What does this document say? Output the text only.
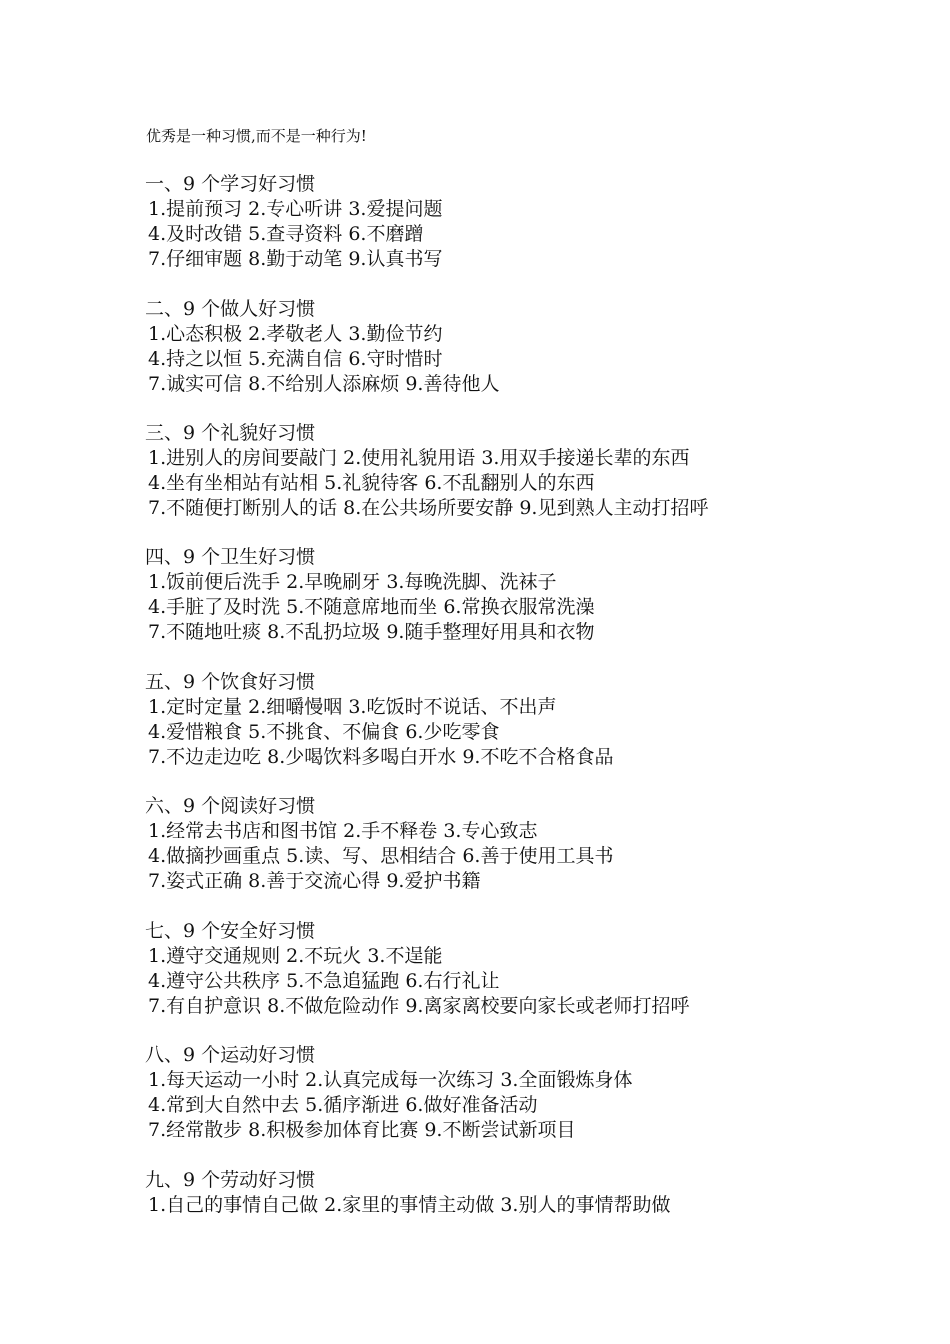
优秀是一种习惯,而不是一种行为!
一、9 个学习好习惯
1.提前预习 2.专心听讲 3.爱提问题
4.及时改错 5.查寻资料 6.不磨蹭
7.仔细审题 8.勤于动笔 9.认真书写
二、9 个做人好习惯
1.心态积极 2.孝敬老人 3.勤俭节约
4.持之以恒 5.充满自信 6.守时惜时
7.诚实可信 8.不给别人添麻烦 9.善待他人
三、9 个礼貌好习惯
1.进别人的房间要敲门 2.使用礼貌用语 3.用双手接递长辈的东西
4.坐有坐相站有站相 5.礼貌待客 6.不乱翻别人的东西
7.不随便打断别人的话 8.在公共场所要安静 9.见到熟人主动打招呼
四、9 个卫生好习惯
1.饭前便后洗手 2.早晚刷牙 3.每晚洗脚、洗袜子
4.手脏了及时洗 5.不随意席地而坐 6.常换衣服常洗澡
7.不随地吐痰 8.不乱扔垃圾 9.随手整理好用具和衣物
五、9 个饮食好习惯
1.定时定量 2.细嚼慢咽 3.吃饭时不说话、不出声
4.爱惜粮食 5.不挑食、不偏食 6.少吃零食
7.不边走边吃 8.少喝饮料多喝白开水 9.不吃不合格食品
六、9 个阅读好习惯
1.经常去书店和图书馆 2.手不释卷 3.专心致志
4.做摘抄画重点 5.读、写、思相结合 6.善于使用工具书
7.姿式正确 8.善于交流心得 9.爱护书籍
七、9 个安全好习惯
1.遵守交通规则 2.不玩火 3.不逞能
4.遵守公共秩序 5.不急追猛跑 6.右行礼让
7.有自护意识 8.不做危险动作 9.离家离校要向家长或老师打招呼
八、9 个运动好习惯
1.每天运动一小时 2.认真完成每一次练习 3.全面锻炼身体
4.常到大自然中去 5.循序渐进 6.做好准备活动
7.经常散步 8.积极参加体育比赛 9.不断尝试新项目
九、9 个劳动好习惯
1.自己的事情自己做 2.家里的事情主动做 3.别人的事情帮助做
